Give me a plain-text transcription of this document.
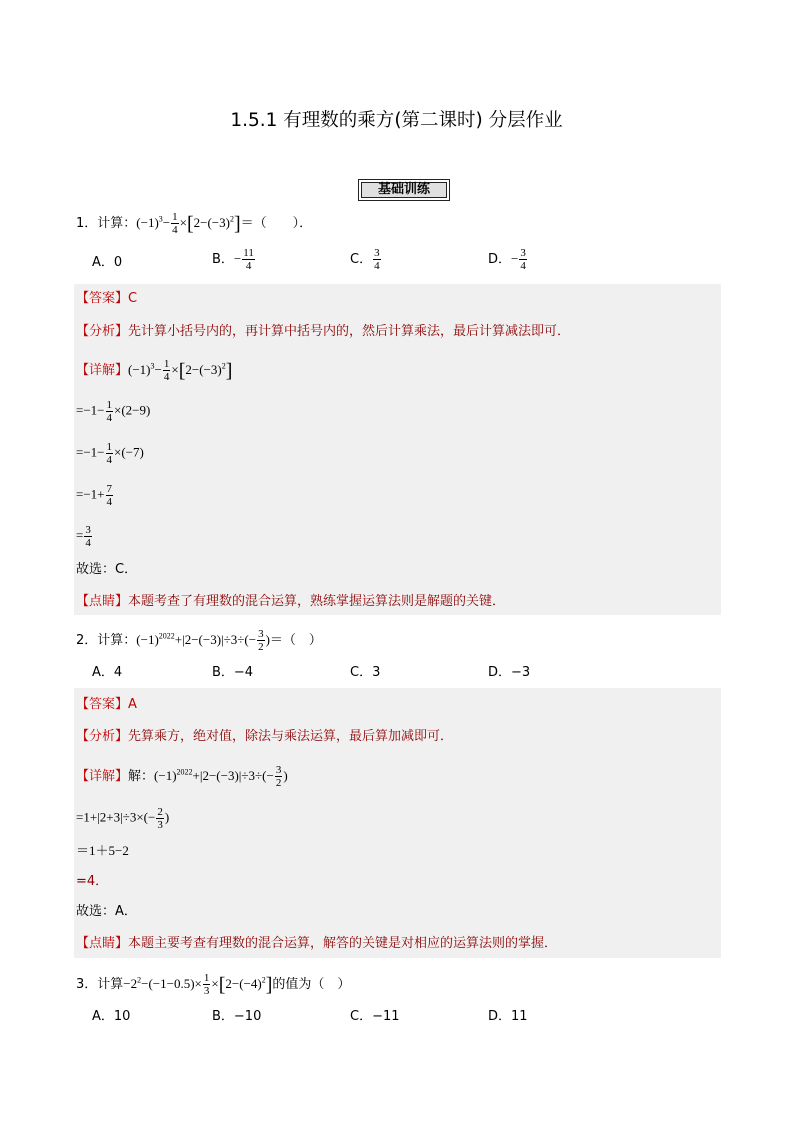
1.5.1 有理数的乘方(第二课时) 分层作业
基础训练
1．计算：$(-1)^3- \frac{1}{4} \times[2-(-3)^2]=$（　　）．
A．0	B．− $\frac{11}{4}$	C． $\frac{3}{4}$	D．− $\frac{3}{4}$
【答案】C
【分析】先计算小括号内的，再计算中括号内的，然后计算乘法，最后计算减法即可．
【详解】$(-1)^3- \frac{1}{4} \times[2-(-3)^2]$
$=-1- \frac{1}{4} \times(2-9)$
$=-1- \frac{1}{4} \times(-7)$
$=-1+ \frac{7}{4}$
= $\frac{3}{4}$
故选：C．
【点睛】本题考查了有理数的混合运算，熟练掌握运算法则是解题的关键．
2．计算：$(-1)^{2022}+|2-(-3)|\div 3\div(- \frac{3}{2}$ )＝（　）
A．4	B．−4	C．3	D．−3
【答案】A
【分析】先算乘方，绝对值，除法与乘法运算，最后算加减即可．
【详解】解：$(-1)^{2022}+|2-(-3)|\div 3\div(- \frac{3}{2}$ )
$=1+|2+3|\div 3\times(- \frac{2}{3}$ )
＝1＋5−2
=4．
故选：A．
【点睛】本题主要考查有理数的混合运算，解答的关键是对相应的运算法则的掌握．
3．计算$-2^2-(-1-0.5)\times \frac{1}{3} \times[2-(-4)^2]$的值为（　）
A．10	B．−10	C．−11	D．11
